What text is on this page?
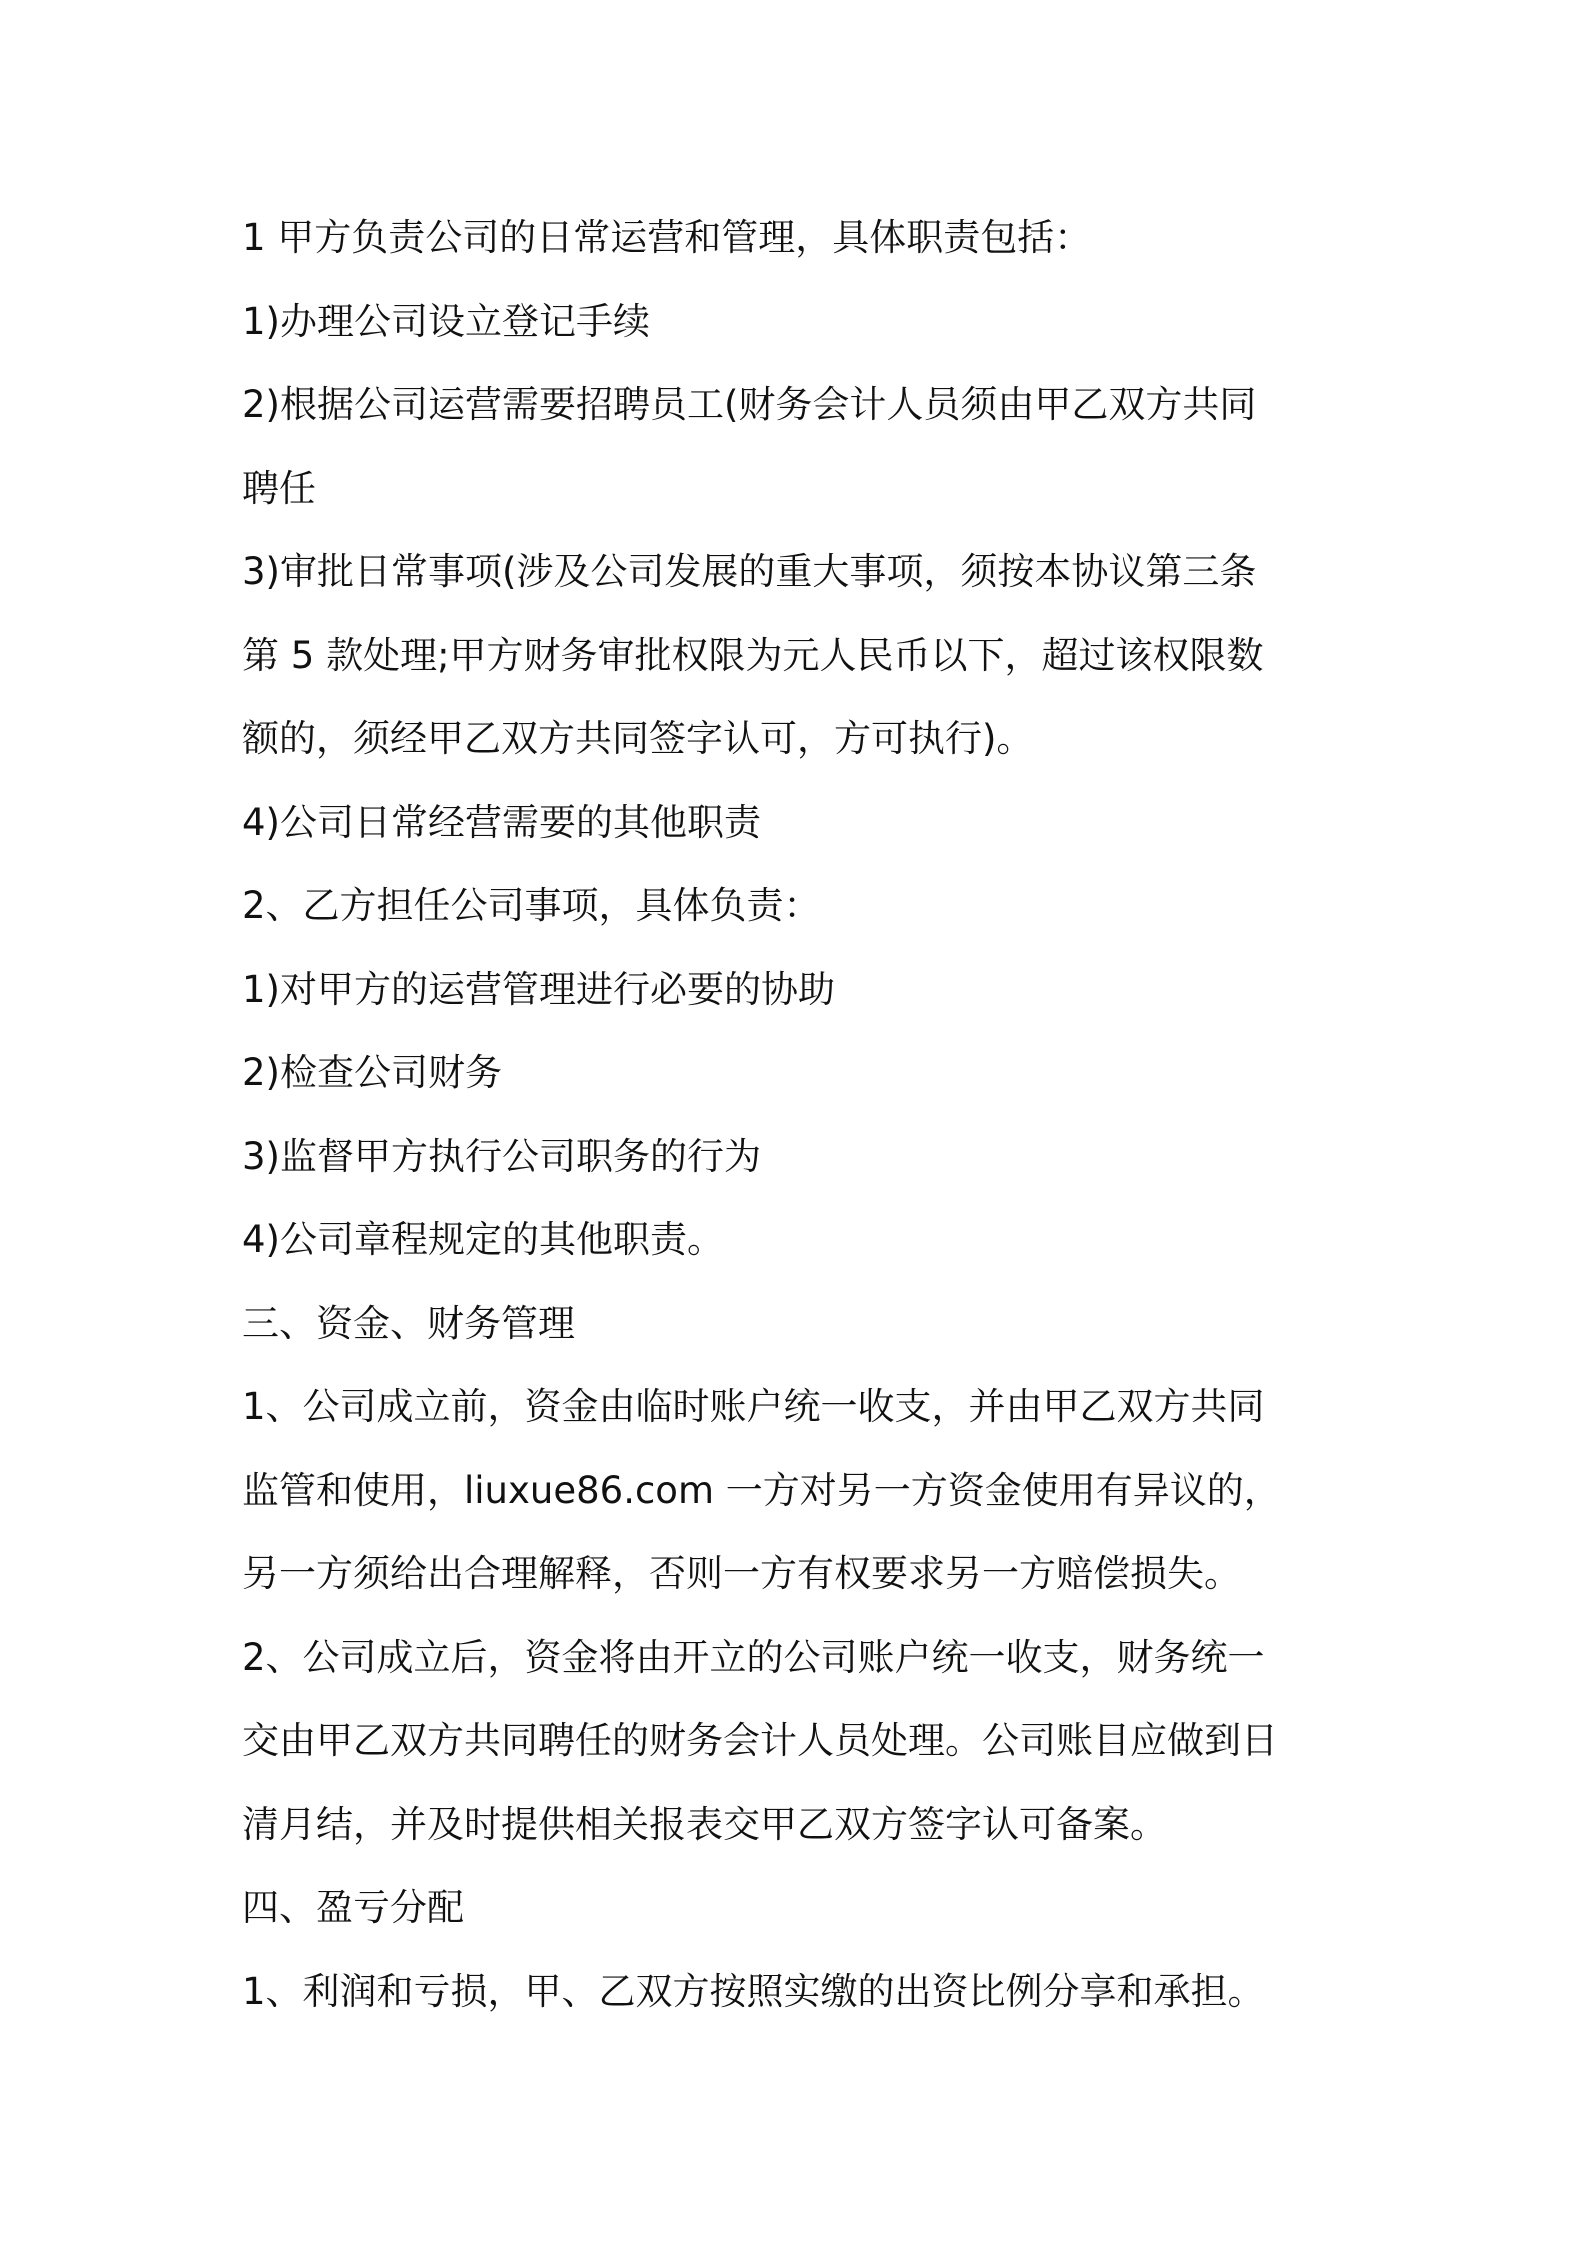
1 甲方负责公司的日常运营和管理，具体职责包括：

1)办理公司设立登记手续

2)根据公司运营需要招聘员工(财务会计人员须由甲乙双方共同

聘任

3)审批日常事项(涉及公司发展的重大事项，须按本协议第三条

第 5 款处理;甲方财务审批权限为元人民币以下，超过该权限数

额的，须经甲乙双方共同签字认可，方可执行)。

4)公司日常经营需要的其他职责

2、乙方担任公司事项，具体负责：

1)对甲方的运营管理进行必要的协助

2)检查公司财务

3)监督甲方执行公司职务的行为

4)公司章程规定的其他职责。

三、资金、财务管理

1、公司成立前，资金由临时账户统一收支，并由甲乙双方共同

监管和使用，liuxue86.com 一方对另一方资金使用有异议的，

另一方须给出合理解释，否则一方有权要求另一方赔偿损失。

2、公司成立后，资金将由开立的公司账户统一收支，财务统一

交由甲乙双方共同聘任的财务会计人员处理。公司账目应做到日

清月结，并及时提供相关报表交甲乙双方签字认可备案。

四、盈亏分配

1、利润和亏损，甲、乙双方按照实缴的出资比例分享和承担。
